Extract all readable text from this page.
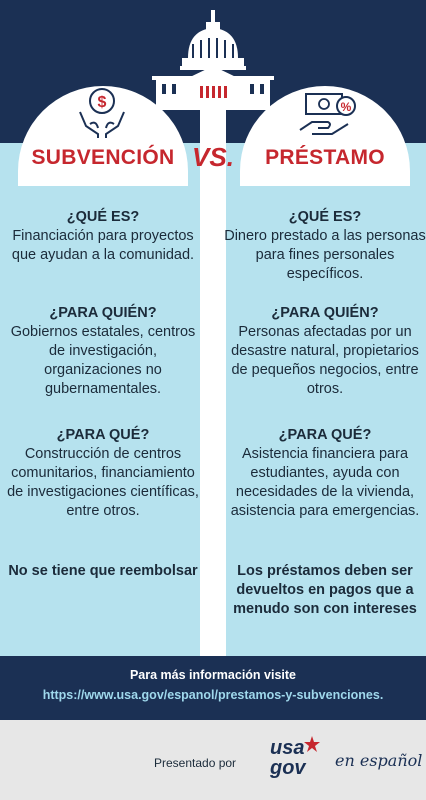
$	%
SUBVENCIÓN VS.	PRÉSTAMO
¿QUÉ ES?
Financiación para proyectos que ayudan a la comunidad.
¿PARA QUIÉN?
Gobiernos estatales, centros de investigación, organizaciones no gubernamentales.
¿PARA QUÉ?
Construcción de centros comunitarios, financiamiento de investigaciones científicas, entre otros.
No se tiene que reembolsar
¿QUÉ ES?
Dinero prestado a las personas para fines personales específicos.
¿PARA QUIÉN?
Personas afectadas por un desastre natural, propietarios de pequeños negocios, entre otros.
¿PARA QUÉ?
Asistencia financiera para estudiantes, ayuda con necesidades de la vivienda, asistencia para emergencias.
Los préstamos deben ser devueltos en pagos que a menudo son con intereses
Para más información visite
https://www.usa.gov/espanol/prestamos-y-subvenciones.
Presentado por
usa
gov en español
